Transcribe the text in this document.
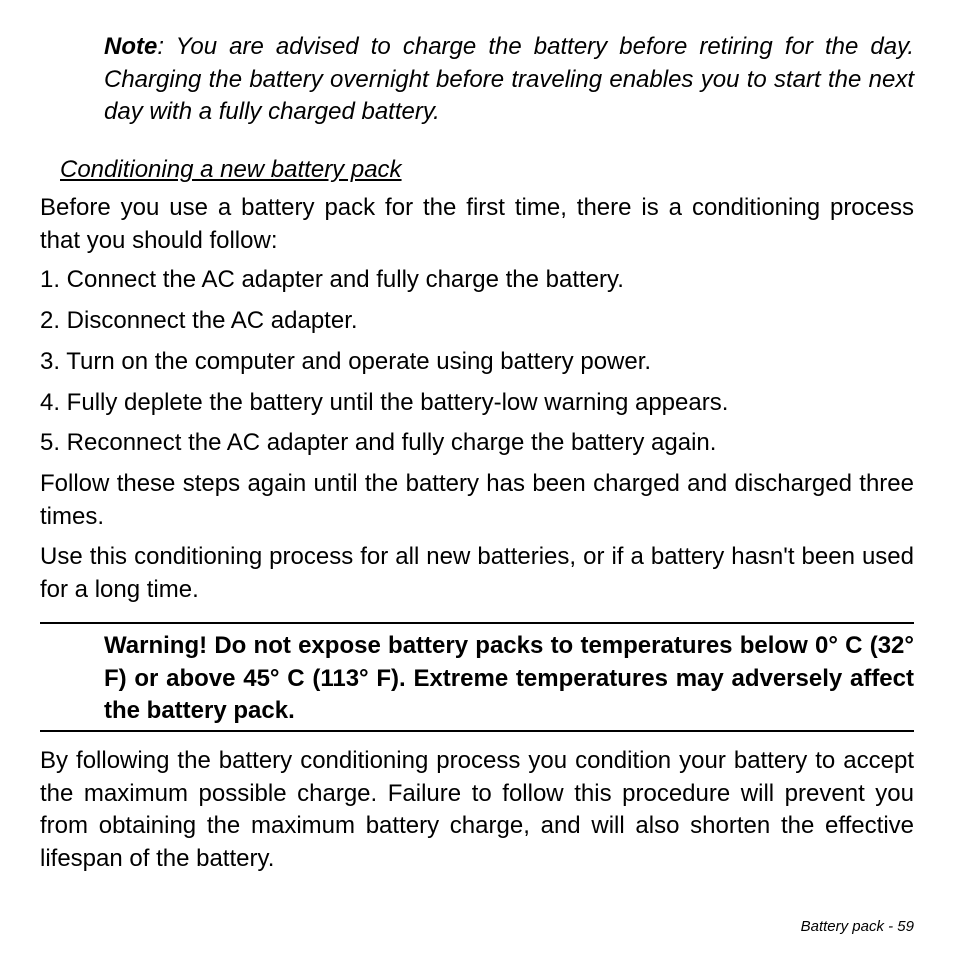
Note: You are advised to charge the battery before retiring for the day. Charging the battery overnight before traveling enables you to start the next day with a fully charged battery.

Conditioning a new battery pack

Before you use a battery pack for the first time, there is a conditioning process that you should follow:

1. Connect the AC adapter and fully charge the battery.

2. Disconnect the AC adapter.

3. Turn on the computer and operate using battery power.

4. Fully deplete the battery until the battery-low warning appears.

5. Reconnect the AC adapter and fully charge the battery again.

Follow these steps again until the battery has been charged and discharged three times.

Use this conditioning process for all new batteries, or if a battery hasn't been used for a long time.

Warning! Do not expose battery packs to temperatures below 0° C (32° F) or above 45° C (113° F). Extreme temperatures may adversely affect the battery pack.

By following the battery conditioning process you condition your battery to accept the maximum possible charge. Failure to follow this procedure will prevent you from obtaining the maximum battery charge, and will also shorten the effective lifespan of the battery.

Battery pack - 59
